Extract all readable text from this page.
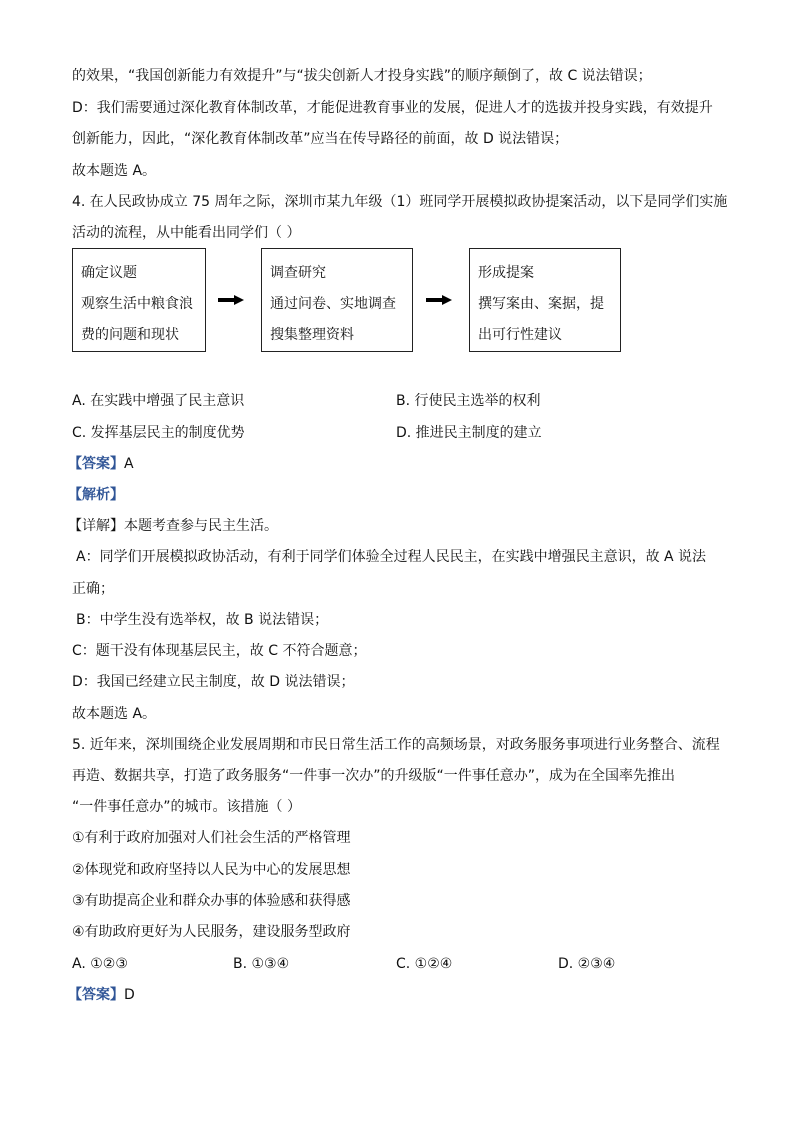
的效果，“我国创新能力有效提升”与“拔尖创新人才投身实践”的顺序颠倒了，故 C 说法错误；
D：我们需要通过深化教育体制改革，才能促进教育事业的发展，促进人才的选拔并投身实践，有效提升
创新能力，因此，“深化教育体制改革”应当在传导路径的前面，故 D 说法错误；
故本题选 A。
4. 在人民政协成立 75 周年之际，深圳市某九年级（1）班同学开展模拟政协提案活动，以下是同学们实施
活动的流程，从中能看出同学们（ ）
确定议题
观察生活中粮食浪
费的问题和现状
调查研究
通过问卷、实地调查
搜集整理资料
形成提案
撰写案由、案据，提
出可行性建议
A. 在实践中增强了民主意识	B. 行使民主选举的权利
C. 发挥基层民主的制度优势	D. 推进民主制度的建立
【答案】A
【解析】
【详解】本题考查参与民主生活。
A：同学们开展模拟政协活动，有利于同学们体验全过程人民民主，在实践中增强民主意识，故 A 说法
正确；
B：中学生没有选举权，故 B 说法错误；
C：题干没有体现基层民主，故 C 不符合题意；
D：我国已经建立民主制度，故 D 说法错误；
故本题选 A。
5. 近年来，深圳围绕企业发展周期和市民日常生活工作的高频场景，对政务服务事项进行业务整合、流程
再造、数据共享，打造了政务服务“一件事一次办”的升级版“一件事任意办”，成为在全国率先推出
“一件事任意办”的城市。该措施（ ）
①有利于政府加强对人们社会生活的严格管理
②体现党和政府坚持以人民为中心的发展思想
③有助提高企业和群众办事的体验感和获得感
④有助政府更好为人民服务，建设服务型政府
A. ①②③	B. ①③④	C. ①②④	D. ②③④
【答案】D
